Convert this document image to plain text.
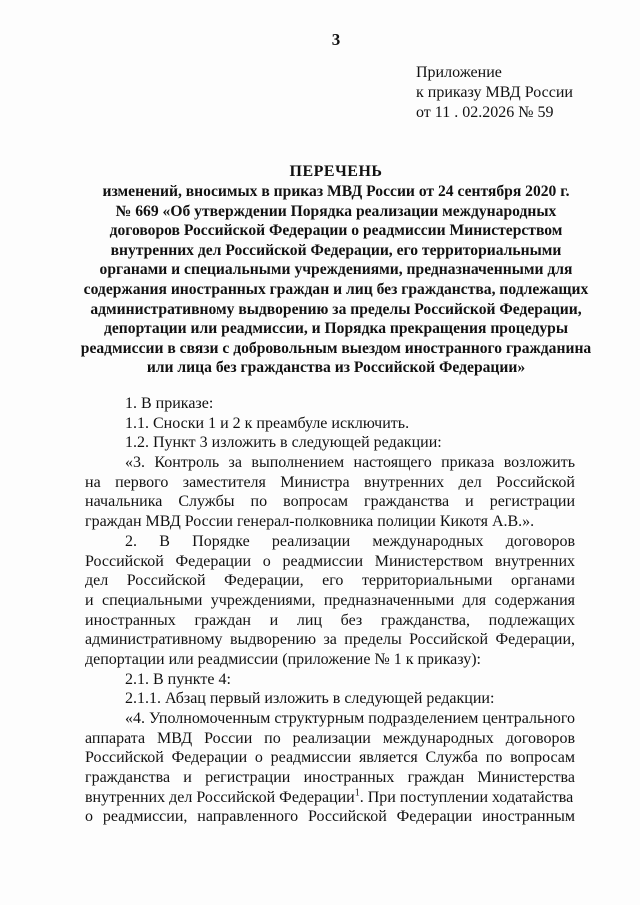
3
Приложение
к приказу МВД России
от 11 . 02.2026 № 59
ПЕРЕЧЕНЬ
изменений, вносимых в приказ МВД России от 24 сентября 2020 г.
№ 669 «Об утверждении Порядка реализации международных
договоров Российской Федерации о реадмиссии Министерством
внутренних дел Российской Федерации, его территориальными
органами и специальными учреждениями, предназначенными для
содержания иностранных граждан и лиц без гражданства, подлежащих
административному выдворению за пределы Российской Федерации,
депортации или реадмиссии, и Порядка прекращения процедуры
реадмиссии в связи с добровольным выездом иностранного гражданина
или лица без гражданства из Российской Федерации»
1. В приказе:
1.1. Сноски 1 и 2 к преамбуле исключить.
1.2. Пункт 3 изложить в следующей редакции:
«3. Контроль за выполнением настоящего приказа возложить
на первого заместителя Министра внутренних дел Российской
начальника Службы по вопросам гражданства и регистрации
граждан МВД России генерал-полковника полиции Кикотя А.В.».
2. В Порядке реализации международных договоров
Российской Федерации о реадмиссии Министерством внутренних
дел Российской Федерации, его территориальными органами
и специальными учреждениями, предназначенными для содержания
иностранных граждан и лиц без гражданства, подлежащих
административному выдворению за пределы Российской Федерации,
депортации или реадмиссии (приложение № 1 к приказу):
2.1. В пункте 4:
2.1.1. Абзац первый изложить в следующей редакции:
«4. Уполномоченным структурным подразделением центрального
аппарата МВД России по реализации международных договоров
Российской Федерации о реадмиссии является Служба по вопросам
гражданства и регистрации иностранных граждан Министерства
внутренних дел Российской Федерации$^1$. При поступлении ходатайства
о реадмиссии, направленного Российской Федерации иностранным
